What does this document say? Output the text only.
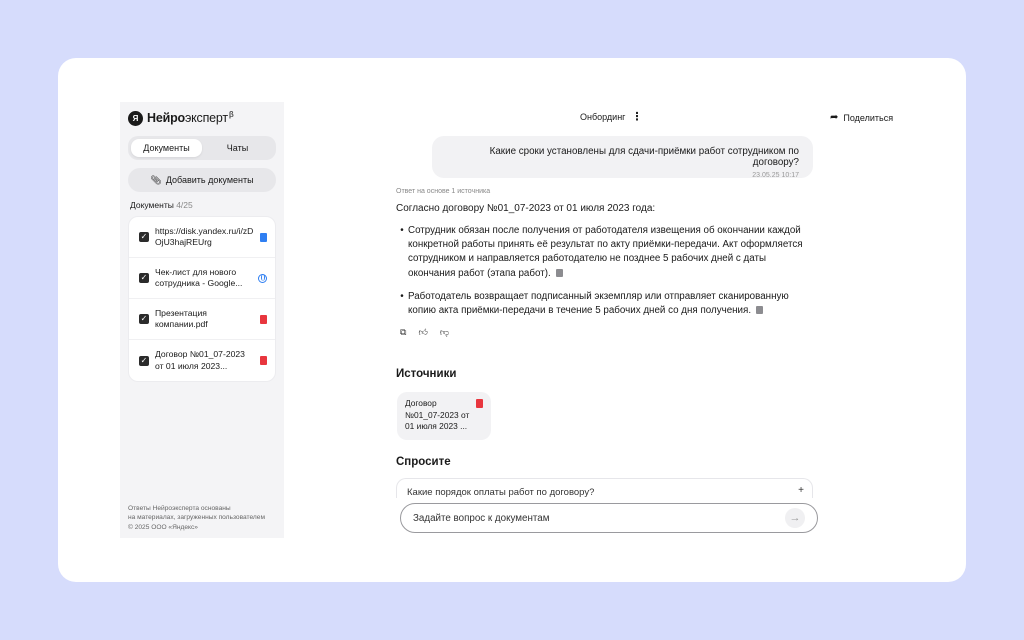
Я Нейроэксперт$^\beta$
Документы	Чаты
📎︎ Добавить документы
Документы 4/25
✓
https://disk.yandex.ru/i/zDOjU3hajREUrg
✓
Чек-лист для нового сотрудника - Google...
✓
Презентация компании.pdf
✓
Договор №01_07-2023 от 01 июля 2023...
Ответы Нейроэксперта основаны
на материалах, загруженных пользователем
© 2025 ООО «Яндекс»
Онбординг ⋮	➦ Поделиться
Какие сроки установлены для сдачи-приёмки работ сотрудником по договору?
23.05.25 10:17
Ответ на основе 1 источника
Согласно договору №01_07-2023 от 01 июля 2023 года:
• Сотрудник обязан после получения от работодателя извещения об окончании каждой конкретной работы принять её результат по акту приёмки-передачи. Акт оформляется сотрудником и направляется работодателю не позднее 5 рабочих дней с даты окончания работ (этапа работ).
• Работодатель возвращает подписанный экземпляр или отправляет сканированную копию акта приёмки-передачи в течение 5 рабочих дней со дня получения.
⧉ 👍︎ 👎︎
Источники
Договор №01_07-2023 от 01 июля 2023 ...
Спросите
Какие порядок оплаты работ по договору?	+
Задайте вопрос к документам
→
